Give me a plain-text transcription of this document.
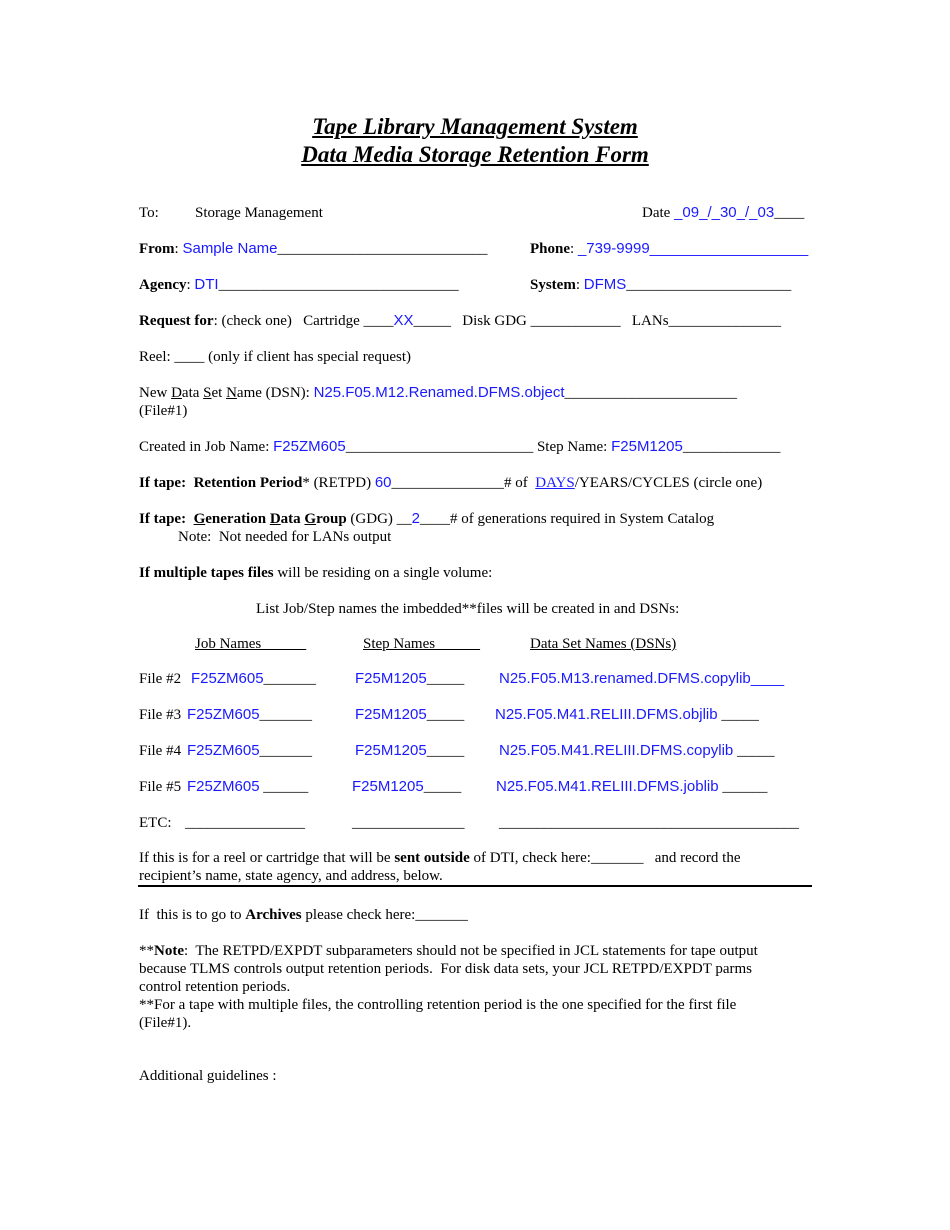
Tape Library Management System
Data Media Storage Retention Form
To: Storage Management	Date _09_/_30_/_03____
From: Sample Name____________________________	Phone: _739-9999___________________
Agency: DTI________________________________	System: DFMS______________________
Request for: (check one)   Cartridge ____XX_____   Disk GDG ____________   LANs_______________
Reel: ____ (only if client has special request)
New Data Set Name (DSN): N25.F05.M12.Renamed.DFMS.object_______________________
(File#1)
Created in Job Name: F25ZM605_________________________ Step Name: F25M1205_____________
If tape:  Retention Period* (RETPD) 60_______________# of  DAYS/YEARS/CYCLES (circle one)
If tape:  Generation Data Group (GDG) __2____# of generations required in System Catalog
Note:  Not needed for LANs output
If multiple tapes files will be residing on a single volume:
List Job/Step names the imbedded**files will be created in and DSNs:
Job Names	Step Names	Data Set Names (DSNs)
File #2 F25ZM605_______	F25M1205_____ N25.F05.M13.renamed.DFMS.copylib____
File #3 F25ZM605_______	F25M1205_____ N25.F05.M41.RELIII.DFMS.objlib _____
File #4 F25ZM605_______	F25M1205_____ N25.F05.M41.RELIII.DFMS.copylib _____
File #5 F25ZM605 ______	F25M1205_____ N25.F05.M41.RELIII.DFMS.joblib ______
ETC: ________________	_______________ ________________________________________
If this is for a reel or cartridge that will be sent outside of DTI, check here:_______   and record the
recipient’s name, state agency, and address, below.
If  this is to go to Archives please check here:_______
**Note:  The RETPD/EXPDT subparameters should not be specified in JCL statements for tape output
because TLMS controls output retention periods.  For disk data sets, your JCL RETPD/EXPDT parms
control retention periods.
**For a tape with multiple files, the controlling retention period is the one specified for the first file
(File#1).
Additional guidelines :
